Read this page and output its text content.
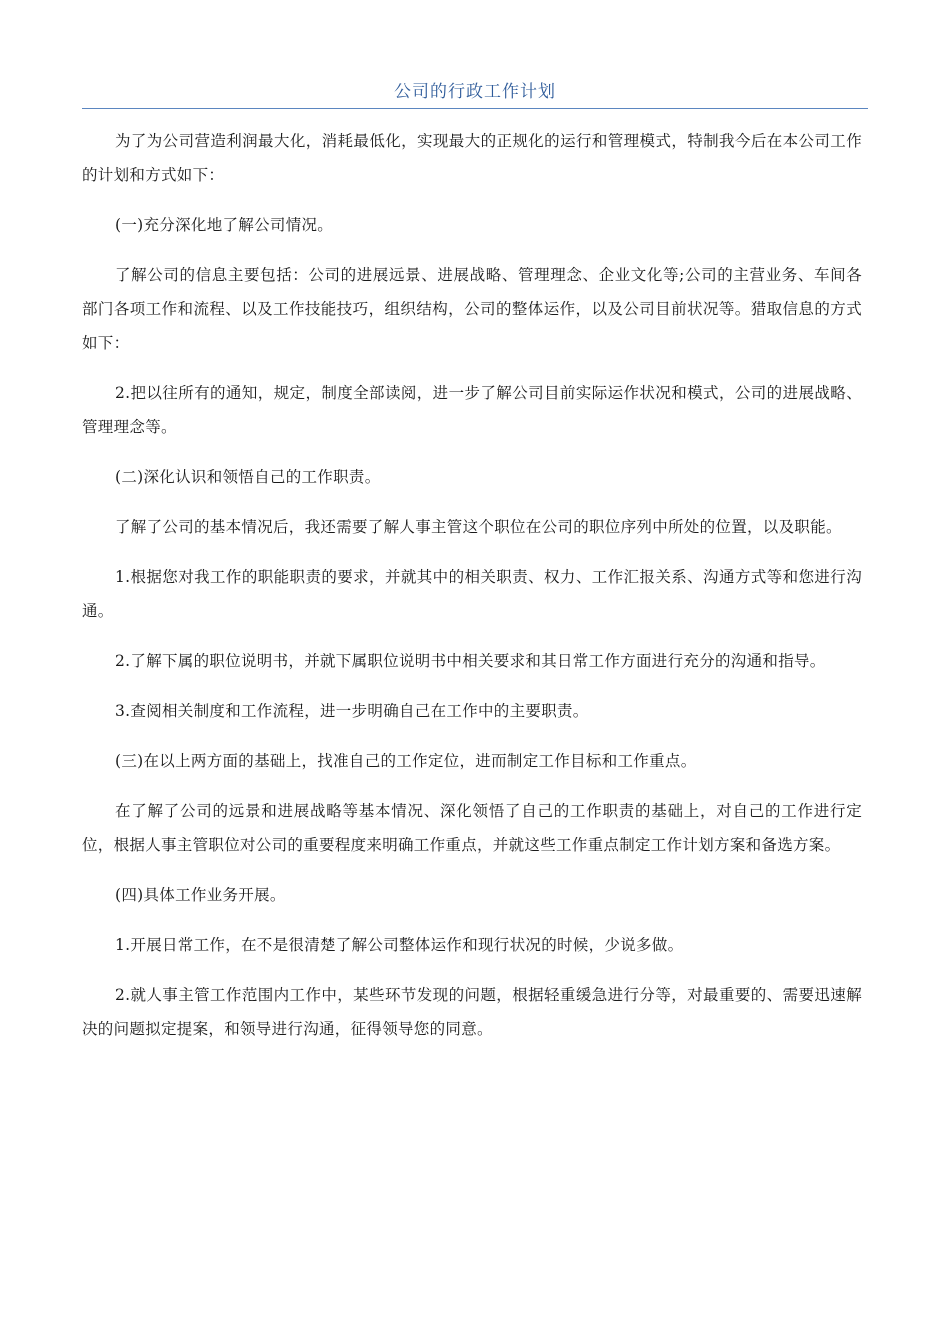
公司的行政工作计划

为了为公司营造利润最大化，消耗最低化，实现最大的正规化的运行和管理模式，特制我今后在本公司工作的计划和方式如下：

(一)充分深化地了解公司情况。

了解公司的信息主要包括：公司的进展远景、进展战略、管理理念、企业文化等;公司的主营业务、车间各部门各项工作和流程、以及工作技能技巧，组织结构，公司的整体运作，以及公司目前状况等。猎取信息的方式如下：

2.把以往所有的通知，规定，制度全部读阅，进一步了解公司目前实际运作状况和模式，公司的进展战略、管理理念等。

(二)深化认识和领悟自己的工作职责。

了解了公司的基本情况后，我还需要了解人事主管这个职位在公司的职位序列中所处的位置，以及职能。

1.根据您对我工作的职能职责的要求，并就其中的相关职责、权力、工作汇报关系、沟通方式等和您进行沟通。

2.了解下属的职位说明书，并就下属职位说明书中相关要求和其日常工作方面进行充分的沟通和指导。

3.查阅相关制度和工作流程，进一步明确自己在工作中的主要职责。

(三)在以上两方面的基础上，找准自己的工作定位，进而制定工作目标和工作重点。

在了解了公司的远景和进展战略等基本情况、深化领悟了自己的工作职责的基础上，对自己的工作进行定位，根据人事主管职位对公司的重要程度来明确工作重点，并就这些工作重点制定工作计划方案和备选方案。

(四)具体工作业务开展。

1.开展日常工作，在不是很清楚了解公司整体运作和现行状况的时候，少说多做。

2.就人事主管工作范围内工作中，某些环节发现的问题，根据轻重缓急进行分等，对最重要的、需要迅速解决的问题拟定提案，和领导进行沟通，征得领导您的同意。
